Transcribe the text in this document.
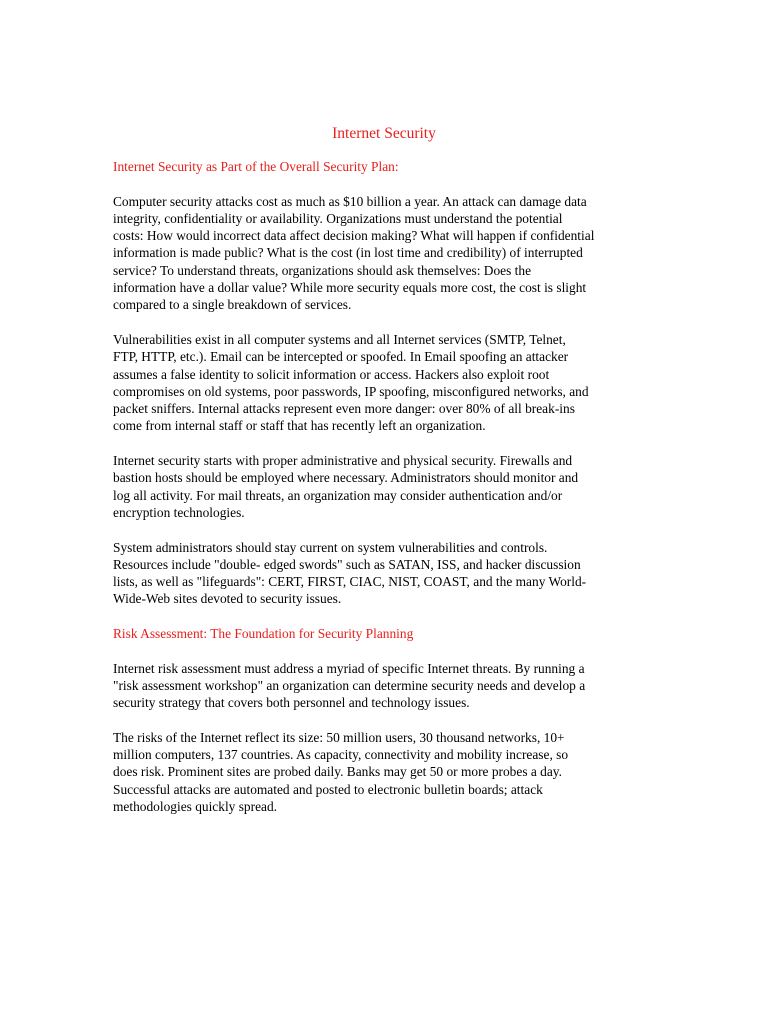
Internet Security
Internet Security as Part of the Overall Security Plan:

Computer security attacks cost as much as $10 billion a year. An attack can damage data
integrity, confidentiality or availability. Organizations must understand the potential
costs: How would incorrect data affect decision making? What will happen if confidential
information is made public? What is the cost (in lost time and credibility) of interrupted
service? To understand threats, organizations should ask themselves: Does the
information have a dollar value? While more security equals more cost, the cost is slight
compared to a single breakdown of services.

Vulnerabilities exist in all computer systems and all Internet services (SMTP, Telnet,
FTP, HTTP, etc.). Email can be intercepted or spoofed. In Email spoofing an attacker
assumes a false identity to solicit information or access. Hackers also exploit root
compromises on old systems, poor passwords, IP spoofing, misconfigured networks, and
packet sniffers. Internal attacks represent even more danger: over 80% of all break-ins
come from internal staff or staff that has recently left an organization.

Internet security starts with proper administrative and physical security. Firewalls and
bastion hosts should be employed where necessary. Administrators should monitor and
log all activity. For mail threats, an organization may consider authentication and/or
encryption technologies.

System administrators should stay current on system vulnerabilities and controls.
Resources include "double- edged swords" such as SATAN, ISS, and hacker discussion
lists, as well as "lifeguards": CERT, FIRST, CIAC, NIST, COAST, and the many World-
Wide-Web sites devoted to security issues.

Risk Assessment: The Foundation for Security Planning

Internet risk assessment must address a myriad of specific Internet threats. By running a
"risk assessment workshop" an organization can determine security needs and develop a
security strategy that covers both personnel and technology issues.

The risks of the Internet reflect its size: 50 million users, 30 thousand networks, 10+
million computers, 137 countries. As capacity, connectivity and mobility increase, so
does risk. Prominent sites are probed daily. Banks may get 50 or more probes a day.
Successful attacks are automated and posted to electronic bulletin boards; attack
methodologies quickly spread.
